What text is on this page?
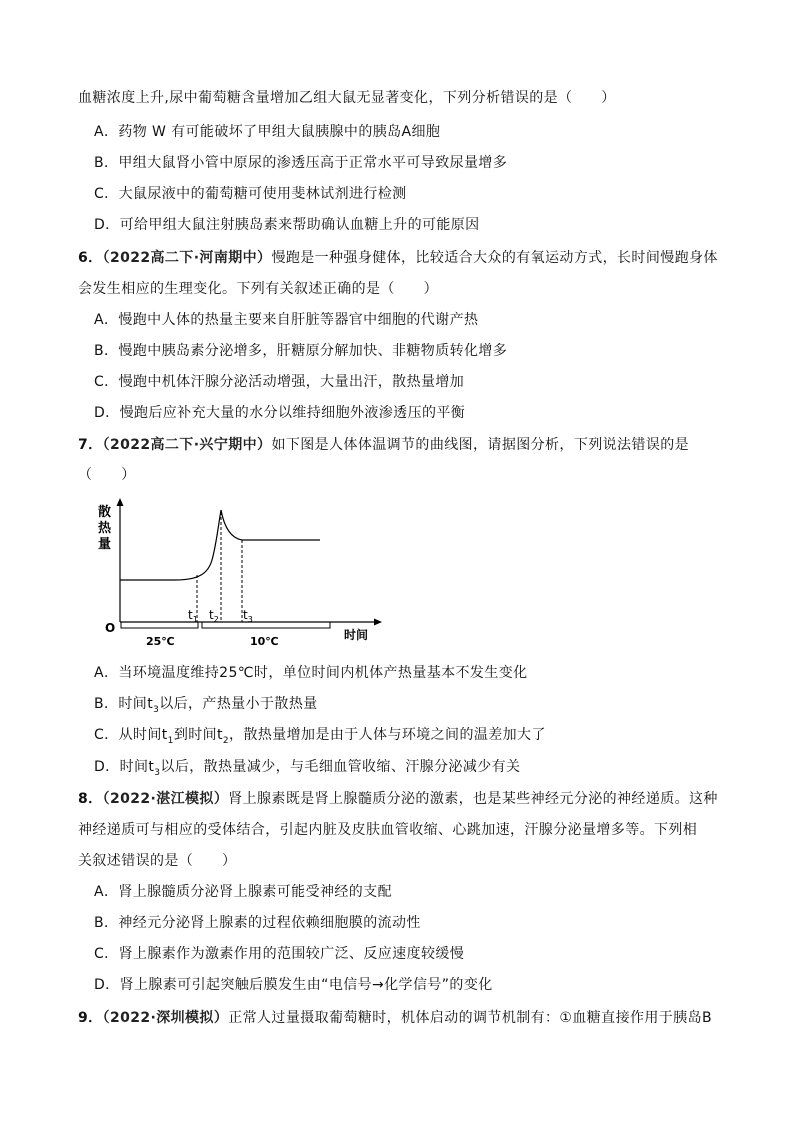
血糖浓度上升,尿中葡萄糖含量增加乙组大鼠无显著变化，下列分析错误的是（　　）
A．药物 W 有可能破坏了甲组大鼠胰腺中的胰岛A细胞
B．甲组大鼠肾小管中原尿的渗透压高于正常水平可导致尿量增多
C．大鼠尿液中的葡萄糖可使用斐林试剂进行检测
D．可给甲组大鼠注射胰岛素来帮助确认血糖上升的可能原因
6．（2022高二下·河南期中）慢跑是一种强身健体，比较适合大众的有氧运动方式，长时间慢跑身体
会发生相应的生理变化。下列有关叙述正确的是（　　）
A．慢跑中人体的热量主要来自肝脏等器官中细胞的代谢产热
B．慢跑中胰岛素分泌增多，肝糖原分解加快、非糖物质转化增多
C．慢跑中机体汗腺分泌活动增强，大量出汗，散热量增加
D．慢跑后应补充大量的水分以维持细胞外液渗透压的平衡
7．（2022高二下·兴宁期中）如下图是人体体温调节的曲线图，请据图分析，下列说法错误的是
（　　）
散
热
量
O
$t_1$ $t_2$ $t_3$
25℃	10℃	时间
A．当环境温度维持25℃时，单位时间内机体产热量基本不发生变化
B．时间$t_3$以后，产热量小于散热量
C．从时间$t_1$到时间$t_2$，散热量增加是由于人体与环境之间的温差加大了
D．时间$t_3$以后，散热量减少，与毛细血管收缩、汗腺分泌减少有关
8．（2022·湛江模拟）肾上腺素既是肾上腺髓质分泌的激素，也是某些神经元分泌的神经递质。这种
神经递质可与相应的受体结合，引起内脏及皮肤血管收缩、心跳加速，汗腺分泌量增多等。下列相
关叙述错误的是（　　）
A．肾上腺髓质分泌肾上腺素可能受神经的支配
B．神经元分泌肾上腺素的过程依赖细胞膜的流动性
C．肾上腺素作为激素作用的范围较广泛、反应速度较缓慢
D．肾上腺素可引起突触后膜发生由“电信号→化学信号”的变化
9．（2022·深圳模拟）正常人过量摄取葡萄糖时，机体启动的调节机制有：①血糖直接作用于胰岛B
